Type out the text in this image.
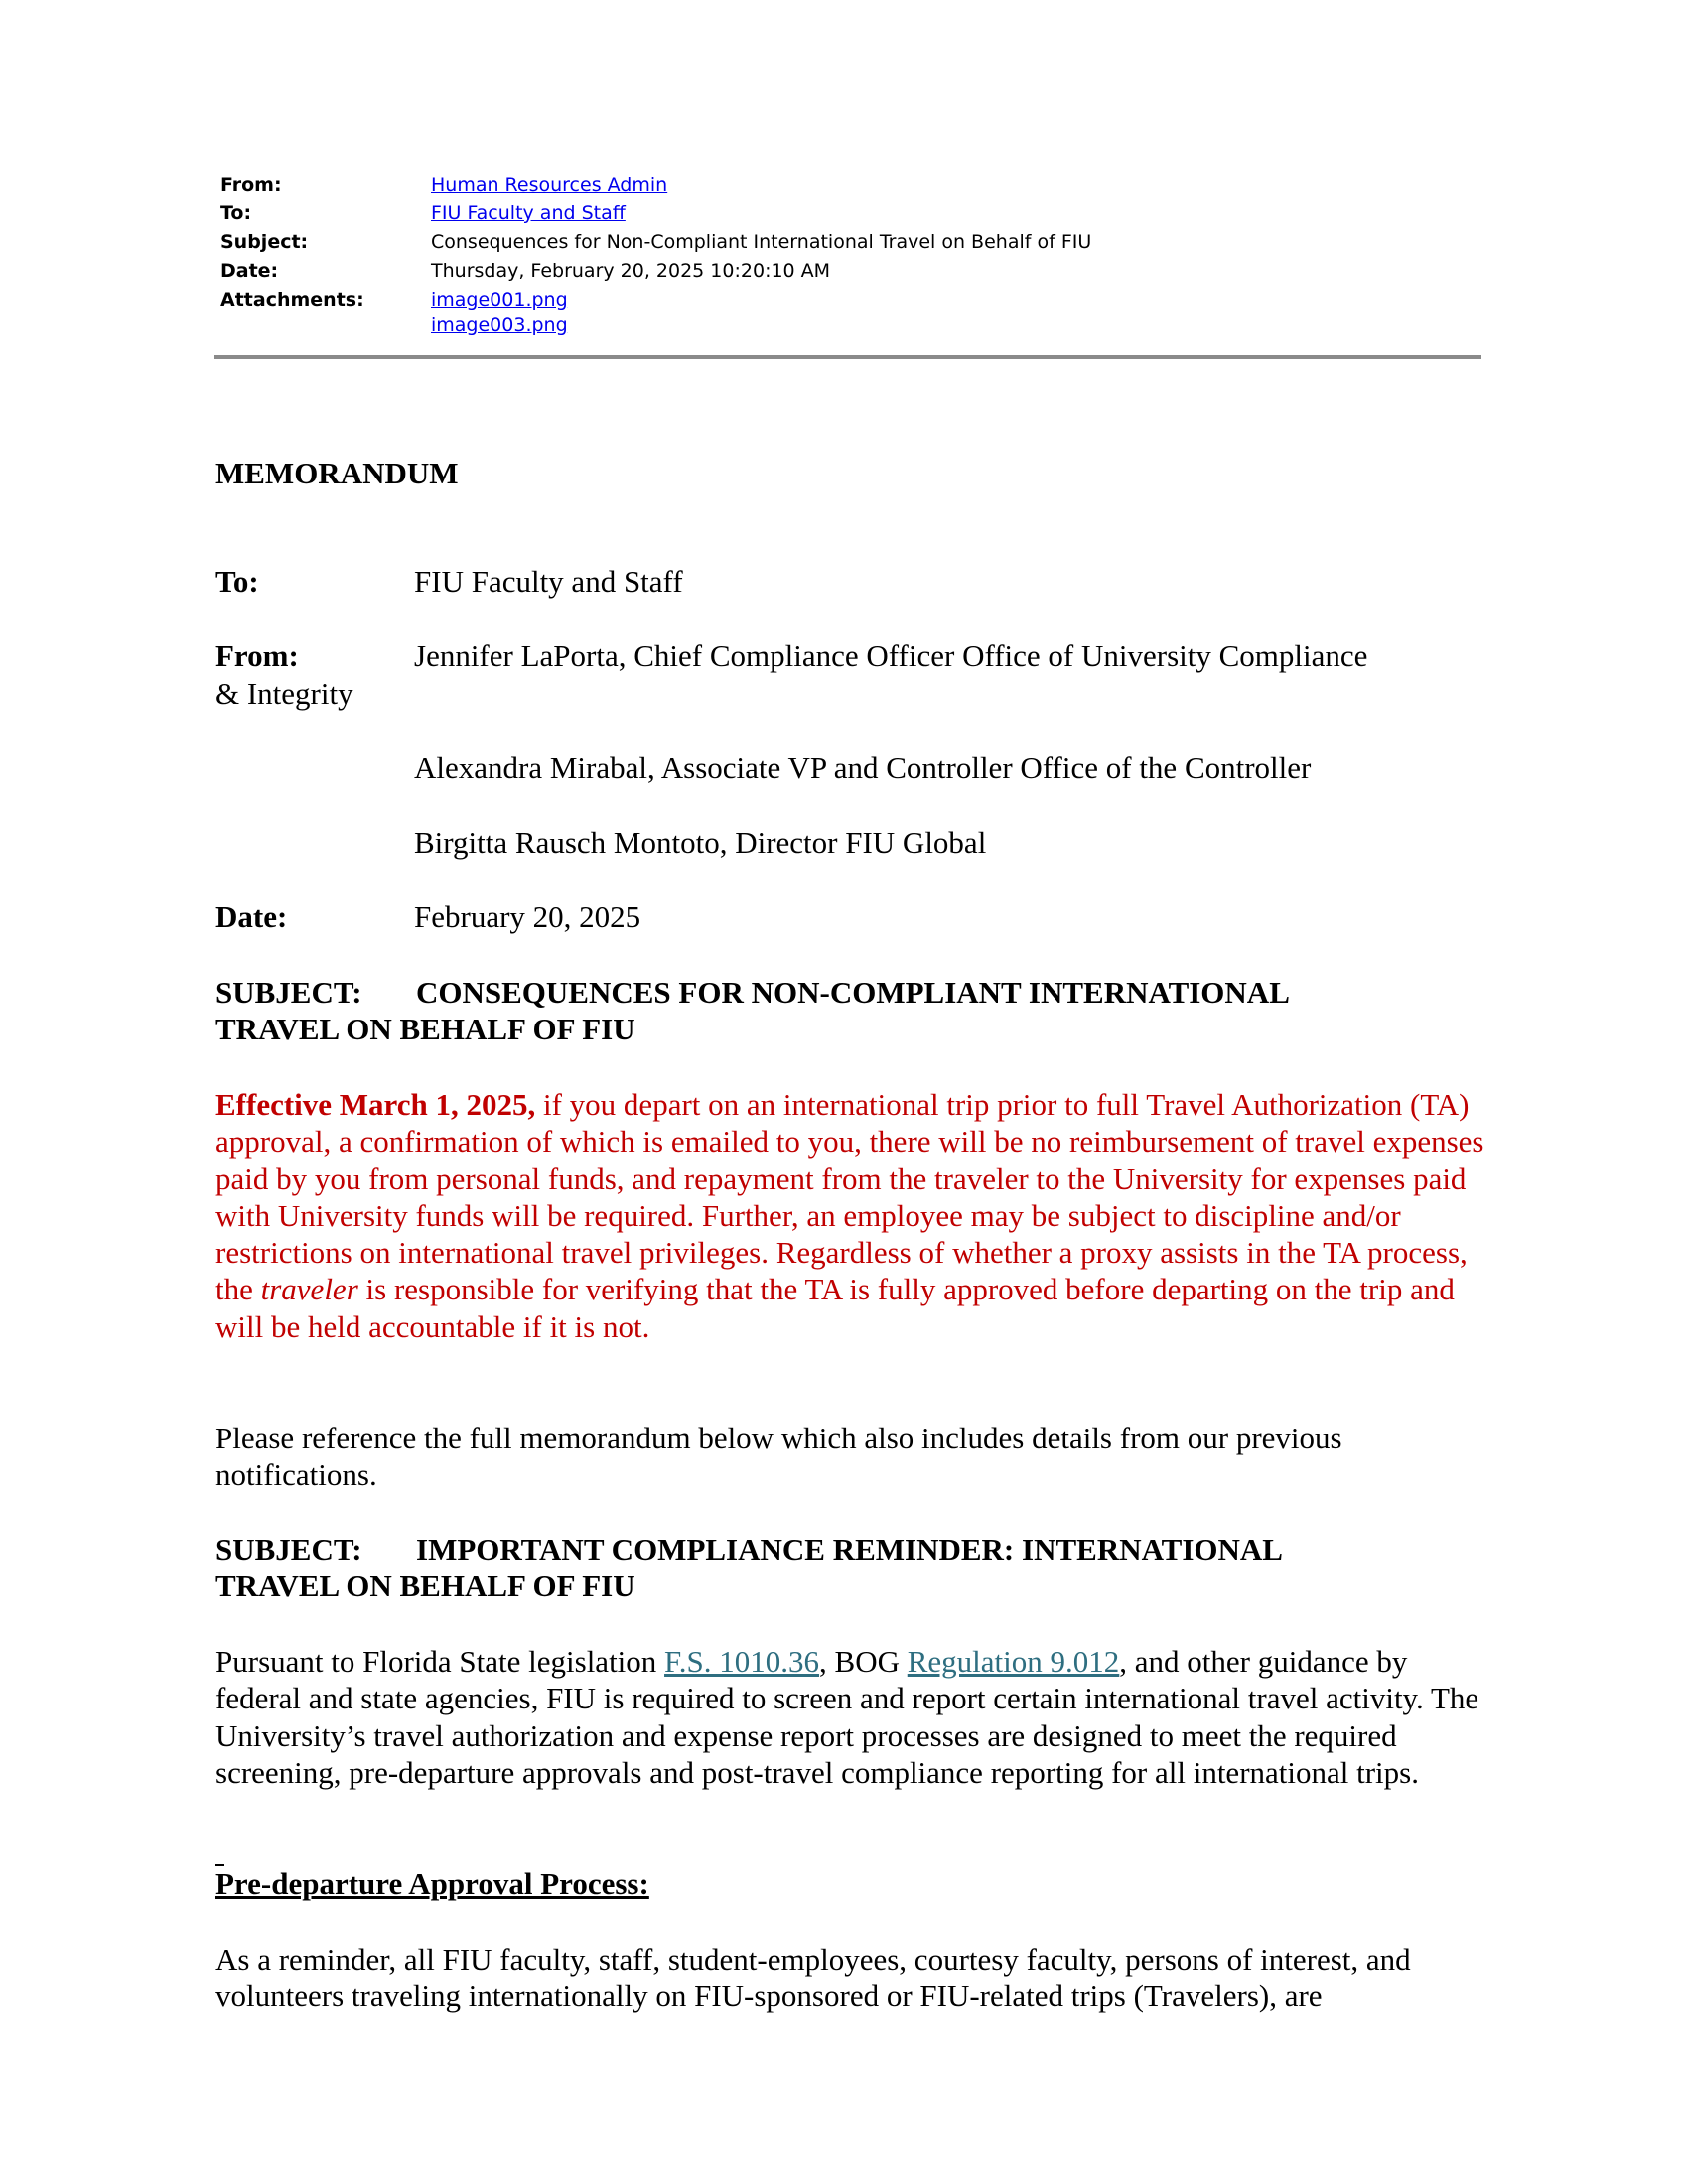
From:	Human Resources Admin
To:	FIU Faculty and Staff
Subject:	Consequences for Non-Compliant International Travel on Behalf of FIU
Date:	Thursday, February 20, 2025 10:20:10 AM
Attachments:	image001.png
image003.png
MEMORANDUM
To:	FIU Faculty and Staff
From:	Jennifer LaPorta, Chief Compliance Officer Office of University Compliance
& Integrity
Alexandra Mirabal, Associate VP and Controller Office of the Controller
Birgitta Rausch Montoto, Director FIU Global
Date:	February 20, 2025
SUBJECT: CONSEQUENCES FOR NON-COMPLIANT INTERNATIONAL
TRAVEL ON BEHALF OF FIU
Effective March 1, 2025, if you depart on an international trip prior to full Travel Authorization (TA) approval, a confirmation of which is emailed to you, there will be no reimbursement of travel expenses paid by you from personal funds, and repayment from the traveler to the University for expenses paid with University funds will be required. Further, an employee may be subject to discipline and/or restrictions on international travel privileges. Regardless of whether a proxy assists in the TA process, the traveler is responsible for verifying that the TA is fully approved before departing on the trip and will be held accountable if it is not.
Please reference the full memorandum below which also includes details from our previous notifications.
SUBJECT: IMPORTANT COMPLIANCE REMINDER: INTERNATIONAL
TRAVEL ON BEHALF OF FIU
Pursuant to Florida State legislation F.S. 1010.36, BOG Regulation 9.012, and other guidance by federal and state agencies, FIU is required to screen and report certain international travel activity. The University’s travel authorization and expense report processes are designed to meet the required screening, pre-departure approvals and post-travel compliance reporting for all international trips.
Pre-departure Approval Process:
As a reminder, all FIU faculty, staff, student-employees, courtesy faculty, persons of interest, and volunteers traveling internationally on FIU-sponsored or FIU-related trips (Travelers), are
